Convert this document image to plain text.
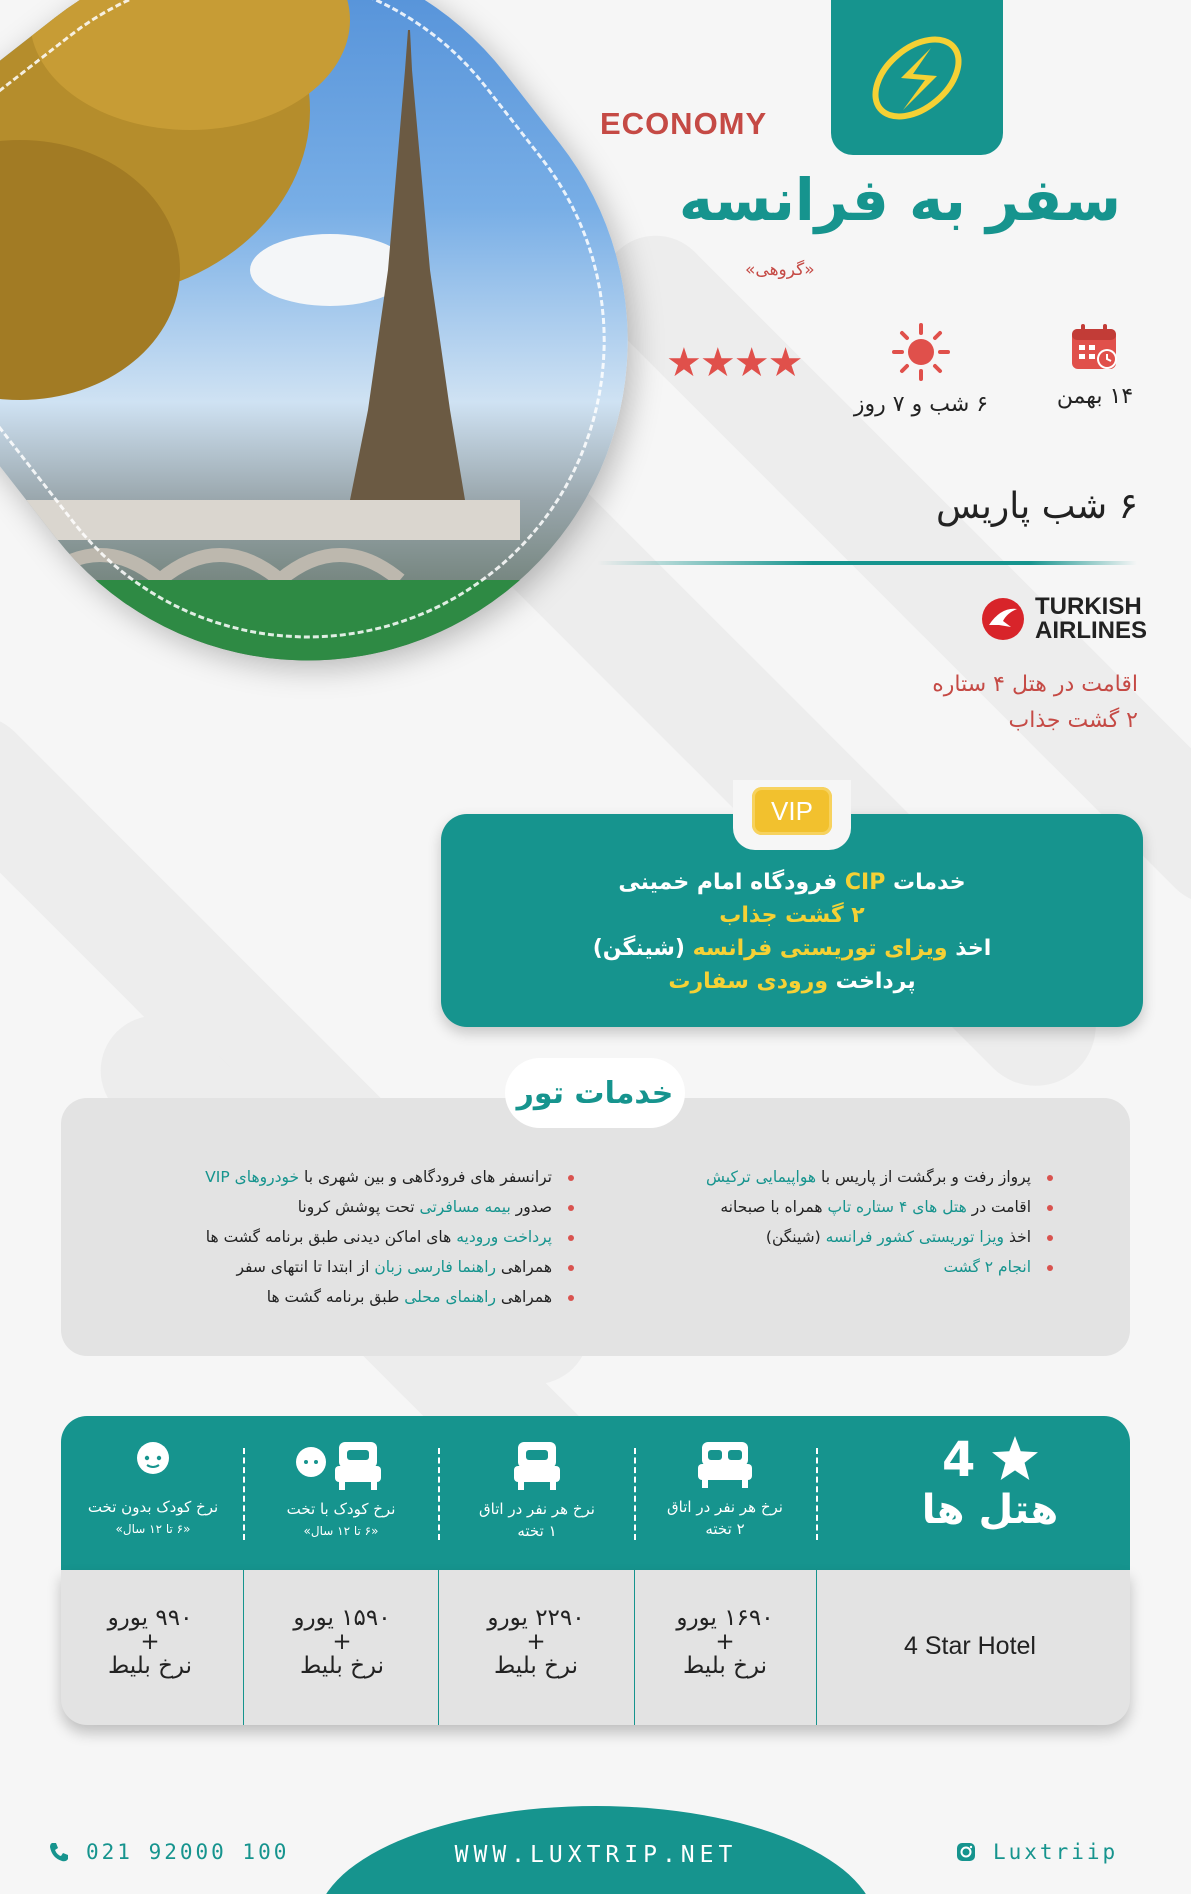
ECONOMY
سفر به فرانسه
«گروهی»
۱۴ بهمن
۶ شب و ۷ روز
★★★★
۶ شب پاریس
TURKISH
AIRLINES
اقامت در هتل ۴ ستاره
۲ گشت جذاب
خدمات CIP فرودگاه امام خمینی
۲ گشت جذاب
اخذ ویزای توریستی فرانسه (شینگن)
پرداخت ورودی سفارت
VIP
خدمات تور
پرواز رفت و برگشت از پاریس با هواپیمایی ترکیش
اقامت در هتل های ۴ ستاره تاپ همراه با صبحانه
اخذ ویزا توریستی کشور فرانسه (شینگن)
انجام ۲ گشت
ترانسفر های فرودگاهی و بین شهری با خودروهای VIP
صدور بیمه مسافرتی تحت پوشش کرونا
پرداخت ورودیه های اماکن دیدنی طبق برنامه گشت ها
همراهی راهنما فارسی زبان از ابتدا تا انتهای سفر
همراهی راهنمای محلی طبق برنامه گشت ها
4
هتل ها
نرخ هر نفر در اتاق
۲ تخته
نرخ هر نفر در اتاق
۱ تخته
نرخ کودک با تخت
«۶ تا ۱۲ سال»
نرخ کودک بدون تخت
«۶ تا ۱۲ سال»
4 Star Hotel
۱۶۹۰ یورو
+
نرخ بلیط
۲۲۹۰ یورو
+
نرخ بلیط
۱۵۹۰ یورو
+
نرخ بلیط
۹۹۰ یورو
+
نرخ بلیط
WWW.LUXTRIP.NET
021 92000 100	Luxtriip
